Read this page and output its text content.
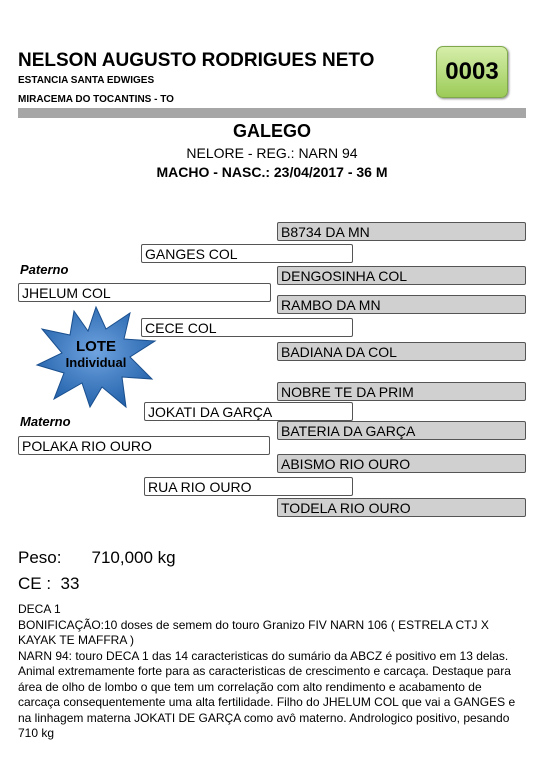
NELSON AUGUSTO RODRIGUES NETO
ESTANCIA SANTA EDWIGES
MIRACEMA DO TOCANTINS - TO
0003
GALEGO
NELORE - REG.: NARN 94
MACHO - NASC.: 23/04/2017 - 36 M
Paterno
Materno
JHELUM COL
GANGES COL
CECE COL
B8734 DA MN
DENGOSINHA COL
RAMBO DA MN
BADIANA DA COL
POLAKA RIO OURO
JOKATI DA GARÇA
RUA RIO OURO
NOBRE TE DA PRIM
BATERIA DA GARÇA
ABISMO RIO OURO
TODELA RIO OURO
LOTE
Individual
Peso: 710,000 kg
CE : 33

DECA 1

BONIFICAÇÃO:10 doses de semem do touro Granizo FIV NARN 106 ( ESTRELA CTJ X KAYAK TE MAFFRA )

NARN 94: touro DECA 1 das 14 caracteristicas do sumário da ABCZ é positivo em 13 delas. Animal extremamente forte para as caracteristicas de crescimento e carcaça. Destaque para área de olho de lombo o que tem um correlação com alto rendimento e acabamento de carcaça consequentemente uma alta fertilidade. Filho do JHELUM COL que vai a GANGES e na linhagem materna JOKATI DE GARÇA como avô materno. Andrologico positivo, pesando 710 kg
